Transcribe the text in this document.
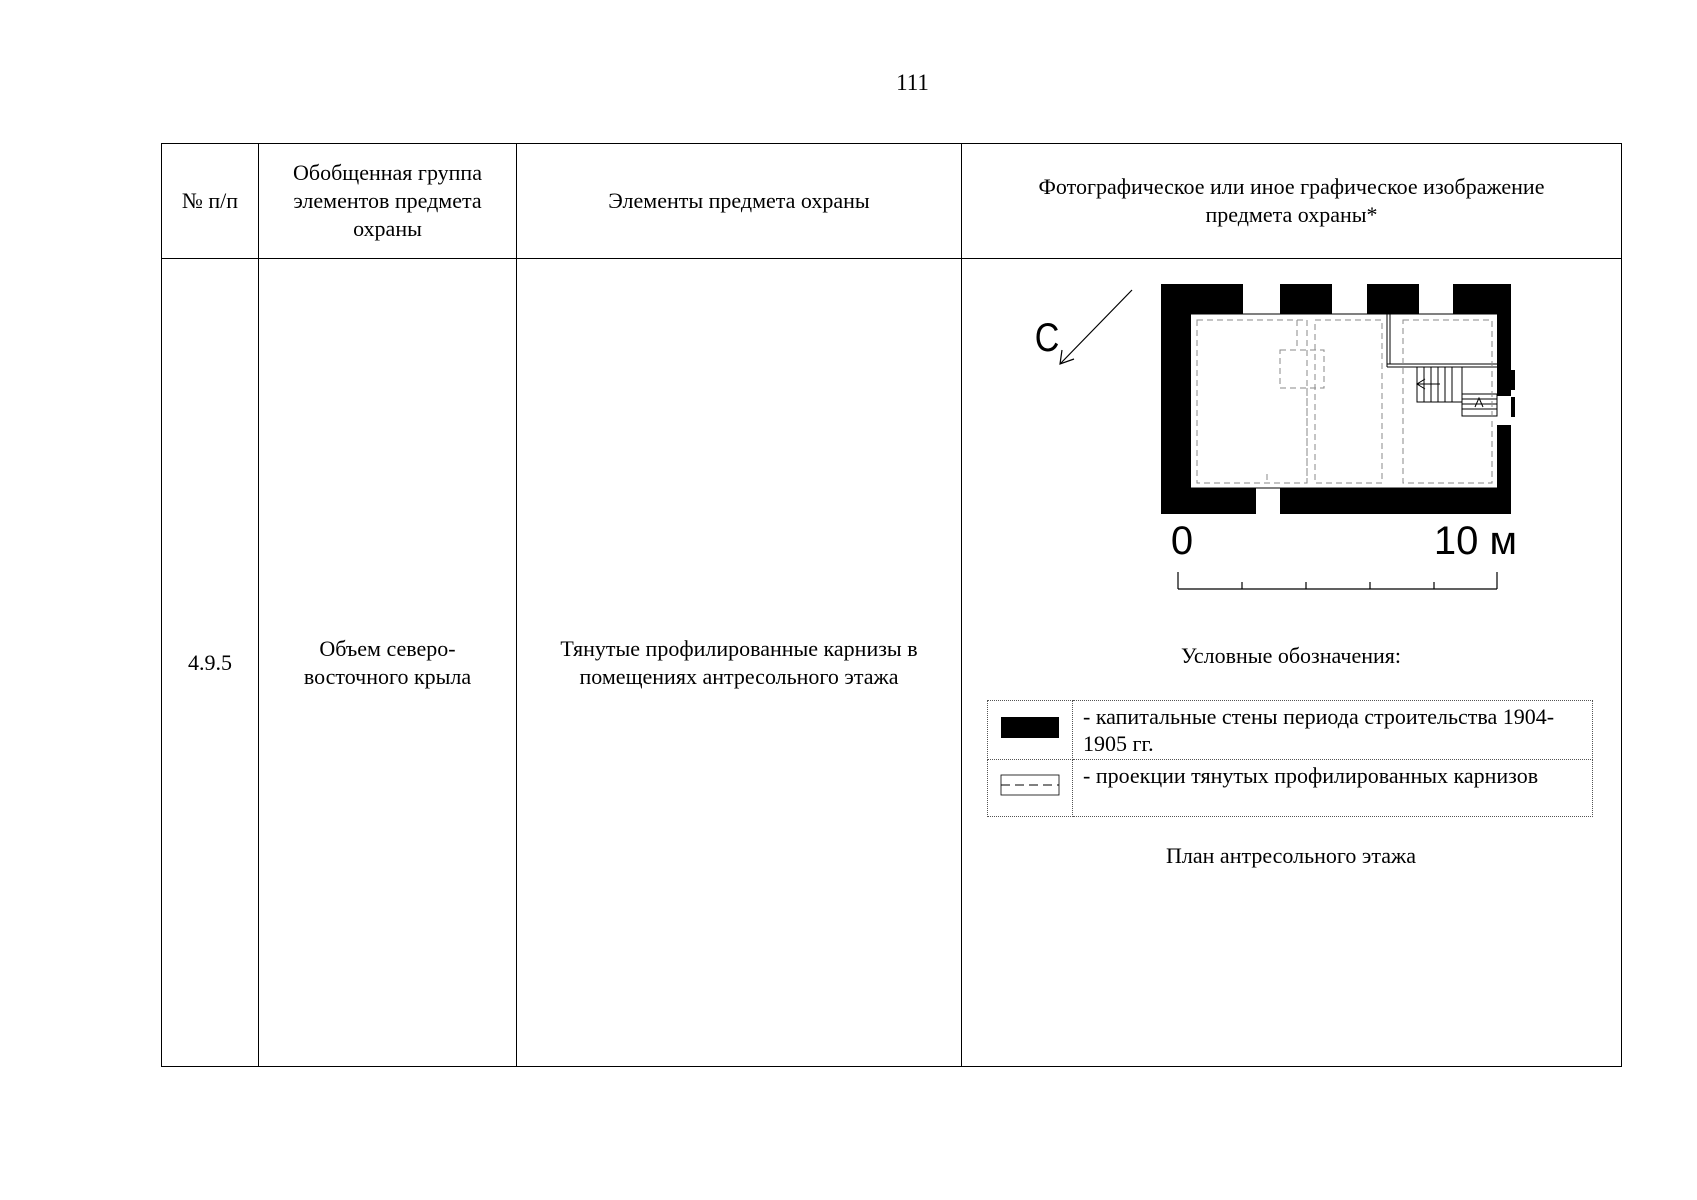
111
№ п/п	Обобщенная группа элементов предмета охраны	Элементы предмета охраны	Фотографическое или иное графическое изображение предмета охраны*
4.9.5	Объем северо-восточного крыла	Тянутые профилированные карнизы в помещениях антресольного этажа	
С
0	10 м
Условные обозначения:
	- капитальные стены периода строительства 1904-1905 гг.
	- проекции тянутых профилированных карнизов
План антресольного этажа
